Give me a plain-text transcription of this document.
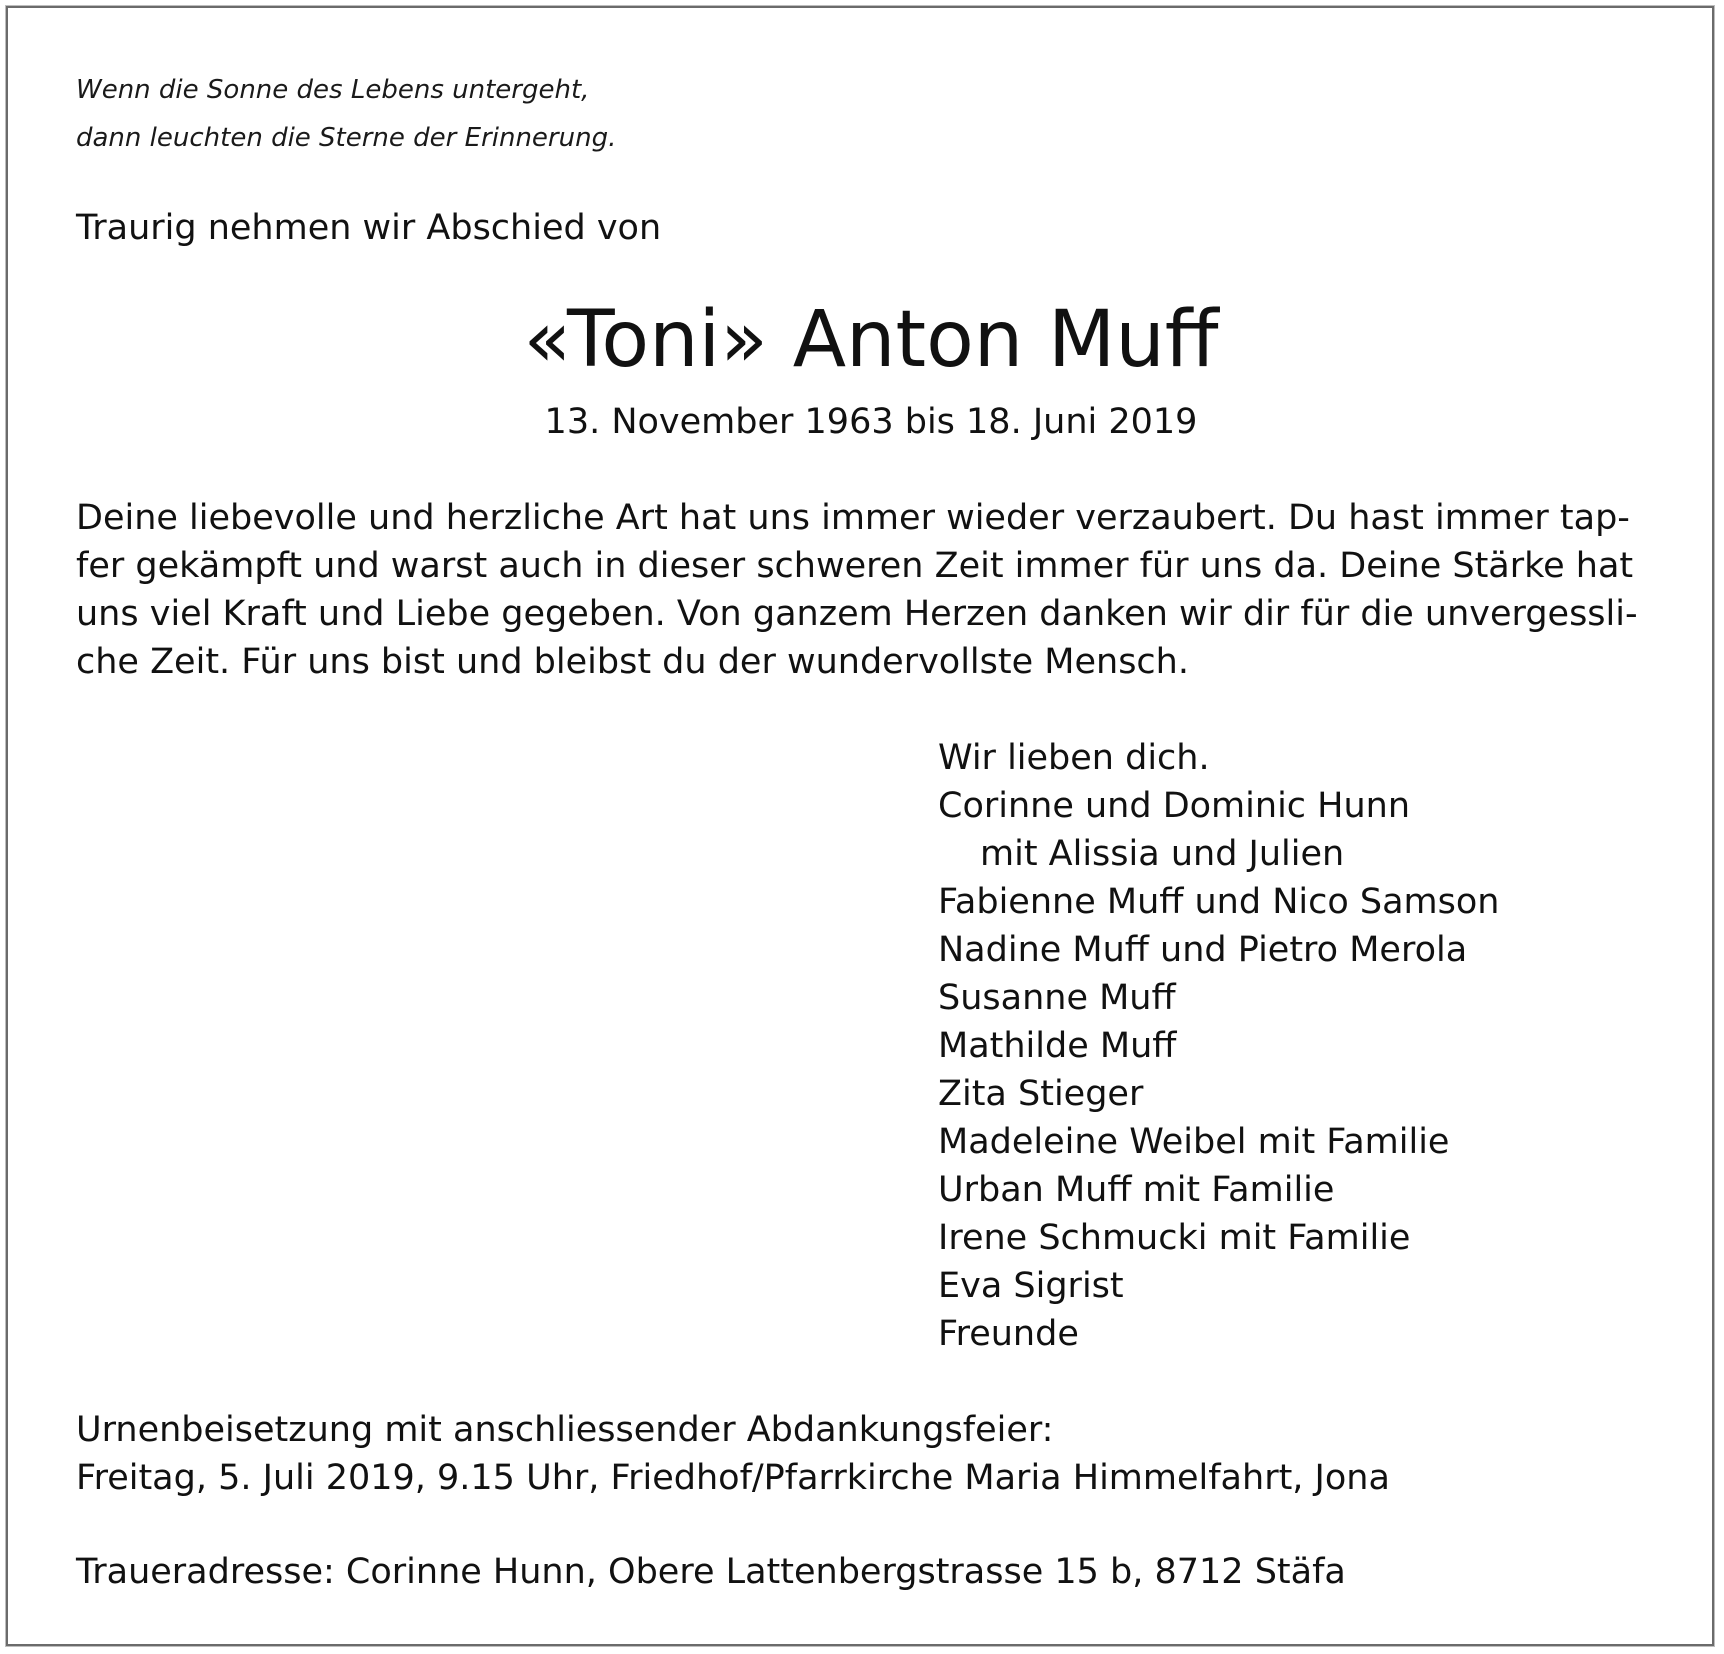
Wenn die Sonne des Lebens untergeht,
dann leuchten die Sterne der Erinnerung.
Traurig nehmen wir Abschied von
«Toni» Anton Muff
13. November 1963 bis 18. Juni 2019
Deine liebevolle und herzliche Art hat uns immer wieder verzaubert. Du hast immer tap-
fer gekämpft und warst auch in dieser schweren Zeit immer für uns da. Deine Stärke hat
uns viel Kraft und Liebe gegeben. Von ganzem Herzen danken wir dir für die unvergessli-
che Zeit. Für uns bist und bleibst du der wundervollste Mensch.
Wir lieben dich.
Corinne und Dominic Hunn
mit Alissia und Julien
Fabienne Muff und Nico Samson
Nadine Muff und Pietro Merola
Susanne Muff
Mathilde Muff
Zita Stieger
Madeleine Weibel mit Familie
Urban Muff mit Familie
Irene Schmucki mit Familie
Eva Sigrist
Freunde
Urnenbeisetzung mit anschliessender Abdankungsfeier:
Freitag, 5. Juli 2019, 9.15 Uhr, Friedhof/Pfarrkirche Maria Himmelfahrt, Jona
Traueradresse: Corinne Hunn, Obere Lattenbergstrasse 15 b, 8712 Stäfa
